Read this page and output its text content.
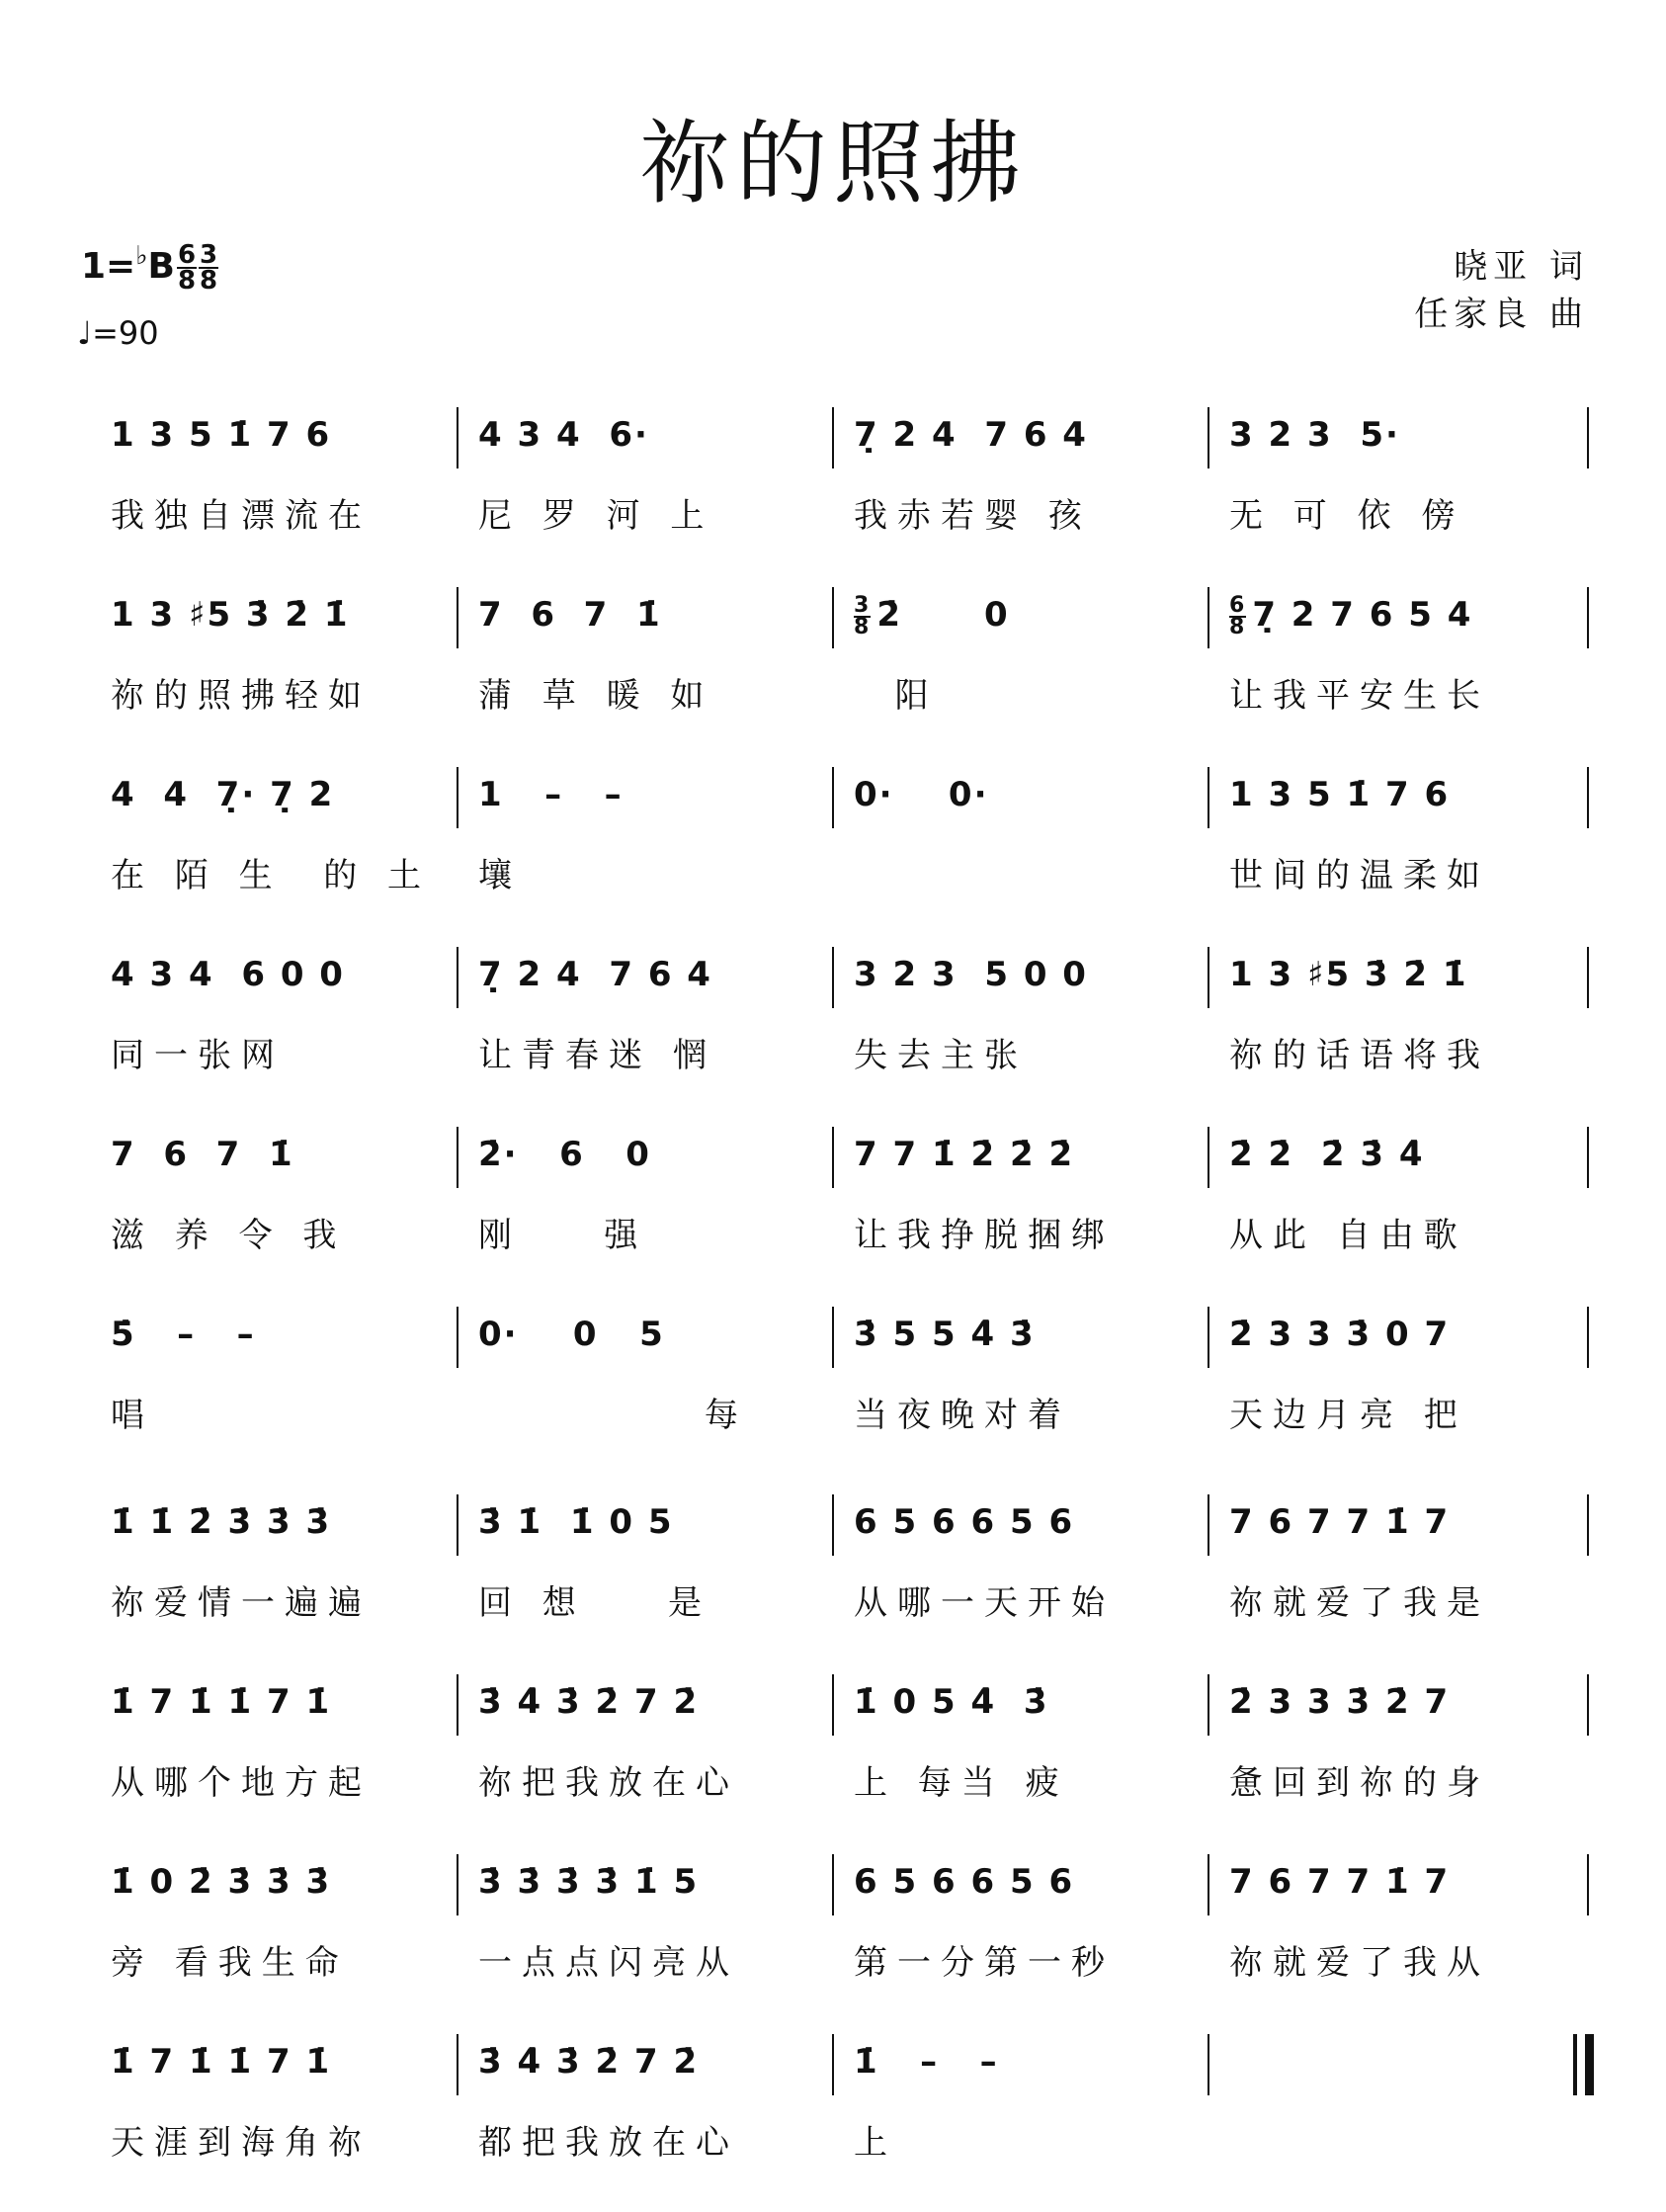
祢的照拂
$1=^♭B \frac{6}{8} \frac{3}{8}$
♩=90
晓亚 词
任家良 曲
1 3 5 1̇ 7 6
我独自漂流在
4 3 4  6·
尼 罗 河 上
7̣ 2 4  7 6 4
我赤若婴 孩
3 2 3  5·
无 可 依 傍
1 3 ♯5 3̇ 2̇ 1̇
祢的照拂轻如
7  6  7  1̇
蒲 草 暖 如
$\frac{3}{8}$ 2̇      0
阳
$\frac{6}{8}$ 7̣ 2 7 6 5 4
让我平安生长
4  4  7̣· 7̣ 2
在 陌 生  的 土
1   –   –
壤
0·    0·	1 3 5 1̇ 7 6
世间的温柔如
4 3 4  6 0 0
同一张网
7̣ 2 4  7 6 4
让青春迷 惘
3 2 3  5 0 0
失去主张
1 3 ♯5 3̇ 2̇ 1̇
祢的话语将我
7  6  7  1̇
滋 养 令 我
2̇·   6   0
刚    强
7 7 1̇ 2̇ 2̇ 2̇
让我挣脱捆绑
2̇ 2̇  2̇ 3̇ 4̇
从此 自由歌
5̇   –   –
唱
0·    0   5
每
3̇ 5 5 4̇ 3̇
当夜晚对着
2̇ 3 3 3̇ 0 7
天边月亮 把
1̇ 1̇ 2̇ 3̇ 3̇ 3̇
祢爱情一遍遍
3̇ 1̇  1̇ 0 5
回 想    是
6 5 6 6 5 6
从哪一天开始
7 6 7 7 1̇ 7
祢就爱了我是
1̇ 7 1̇ 1̇ 7 1̇
从哪个地方起
3̇ 4̇ 3̇ 2̇ 7 2̇
祢把我放在心
1̇ 0 5 4̇  3̇
上 每当 疲
2̇ 3 3 3̇ 2̇ 7
惫回到祢的身
1̇ 0 2̇ 3̇ 3̇ 3̇
旁 看我生命
3̇ 3̇ 3̇ 3̇ 1̇ 5
一点点闪亮从
6 5 6 6 5 6
第一分第一秒
7 6 7 7 1̇ 7
祢就爱了我从
1̇ 7 1̇ 1̇ 7 1̇
天涯到海角祢
3̇ 4̇ 3̇ 2̇ 7 2̇
都把我放在心
1̇   –   –
上
